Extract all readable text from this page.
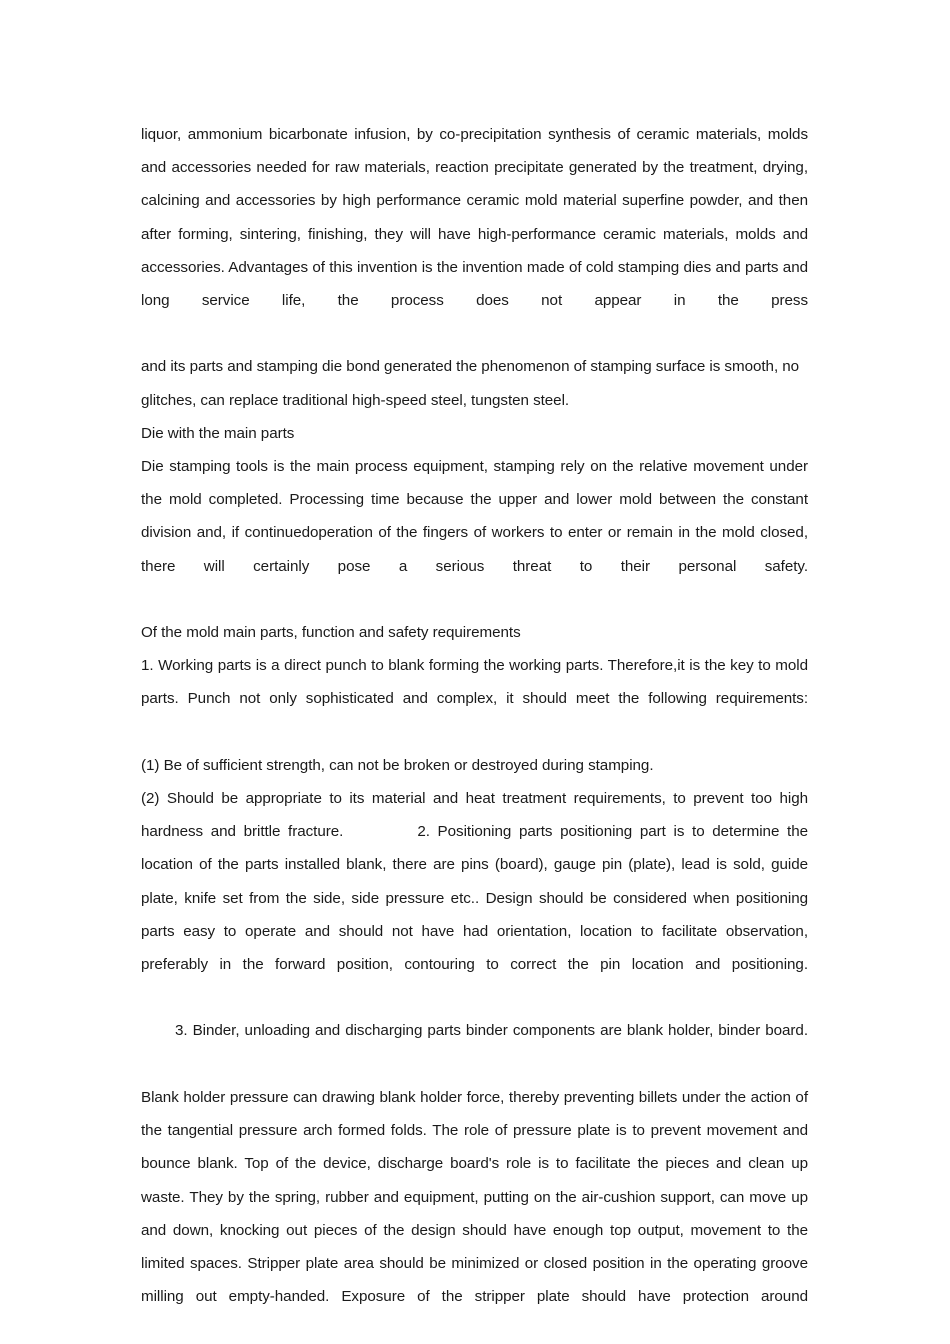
liquor, ammonium bicarbonate infusion, by co-precipitation synthesis of ceramic materials, molds and accessories needed for raw materials, reaction precipitate generated by the treatment, drying, calcining and accessories by high performance ceramic mold material superfine powder, and then after forming, sintering, finishing, they will have high-performance ceramic materials, molds and accessories. Advantages of this invention is the invention made of cold stamping dies and parts and long service life, the process does not appear in the press

and its parts and stamping die bond generated the phenomenon of stamping surface is smooth, no glitches, can replace traditional high-speed steel, tungsten steel.

Die with the main parts

Die stamping tools is the main process equipment, stamping rely on the relative movement under the mold completed. Processing time because the upper and lower mold between the constant division and, if continuedoperation of the fingers of workers to enter or remain in the mold closed, there will certainly pose a serious threat to their personal safety.

Of the mold main parts, function and safety requirements

1. Working parts is a direct punch to blank forming the working parts. Therefore,it is the key to mold parts. Punch not only sophisticated and complex, it should meet the following requirements:

(1) Be of sufficient strength, can not be broken or destroyed during stamping.

(2) Should be appropriate to its material and heat treatment requirements, to prevent too high hardness and brittle fracture.	2. Positioning parts positioning part is to determine the location of the parts installed blank, there are pins (board), gauge pin (plate), lead is sold, guide plate, knife set from the side, side pressure etc.. Design should be considered when positioning parts easy to operate and should not have had orientation, location to facilitate observation, preferably in the forward position, contouring to correct the pin location and positioning.

3. Binder, unloading and discharging parts binder components are blank holder, binder board.

Blank holder pressure can drawing blank holder force, thereby preventing billets under the action of the tangential pressure arch formed folds. The role of pressure plate is to prevent movement and bounce blank. Top of the device, discharge board's role is to facilitate the pieces and clean up waste. They by the spring, rubber and equipment, putting on the air-cushion support, can move up and down, knocking out pieces of the design should have enough top output, movement to the limited spaces. Stripper plate area should be minimized or closed position in the operating groove milling out empty-handed. Exposure of the stripper plate should have protection around
